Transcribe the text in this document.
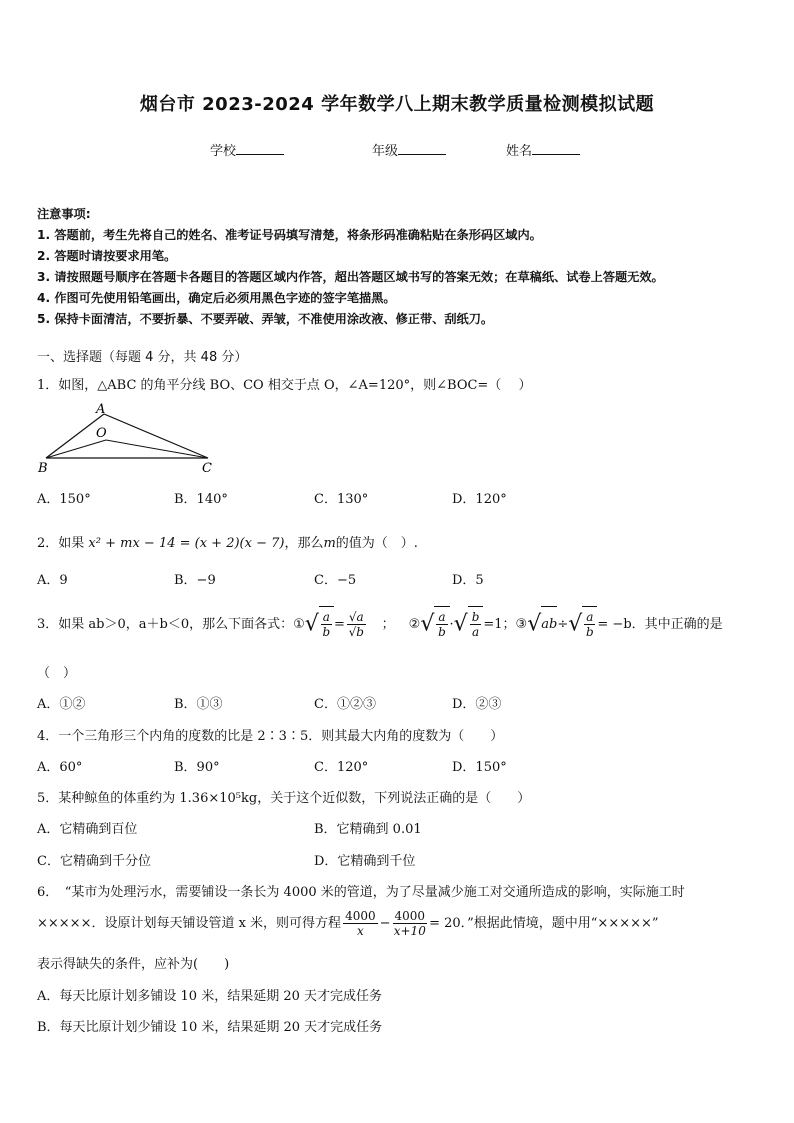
烟台市 2023-2024 学年数学八上期末教学质量检测模拟试题
学校	年级	姓名
注意事项:
1. 答题前，考生先将自己的姓名、准考证号码填写清楚，将条形码准确粘贴在条形码区域内。
2. 答题时请按要求用笔。
3. 请按照题号顺序在答题卡各题目的答题区域内作答，超出答题区域书写的答案无效；在草稿纸、试卷上答题无效。
4. 作图可先使用铅笔画出，确定后必须用黑色字迹的签字笔描黑。
5. 保持卡面清洁，不要折暴、不要弄破、弄皱，不准使用涂改液、修正带、刮纸刀。
一、选择题（每题 4 分，共 48 分）
1．如图，△ABC 的角平分线 BO、CO 相交于点 O，∠A=120°，则∠BOC=（　 ）
A
O
B	C
A．150°	B．140°	C．130°	D．120°
2．如果 x² + mx − 14 = (x + 2)(x − 7)，那么m的值为（　）.
A．9	B．−9	C．−5	D．5
3．如果 ab＞0，a＋b＜0，那么下面各式：①√ $\frac{a}{b} = \frac{√a}{√b}$ ； ②√ $\frac{a}{b}$ ·√ $\frac{b}{a} =1$；③√ab÷√ $\frac{a}{b} = -b$．其中正确的是
（　）
A．①②	B．①③	C．①②③	D．②③
4．一个三角形三个内角的度数的比是 2∶3∶5．则其最大内角的度数为（　　）
A．60°	B．90°	C．120°	D．150°
5．某种鲸鱼的体重约为 1.36×10⁵kg，关于这个近似数，下列说法正确的是（　　）
A．它精确到百位	B．它精确到 0.01
C．它精确到千分位	D．它精确到千位
6．　“某市为处理污水，需要铺设一条长为 4000 米的管道，为了尽量减少施工对交通所造成的影响，实际施工时
×××××．设原计划每天铺设管道 x 米，则可得方程 $\frac{4000}{x} - \frac{4000}{x+10} = 20$．”根据此情境，题中用“×××××”
表示得缺失的条件，应补为(　　)
A．每天比原计划多铺设 10 米，结果延期 20 天才完成任务
B．每天比原计划少铺设 10 米，结果延期 20 天才完成任务
